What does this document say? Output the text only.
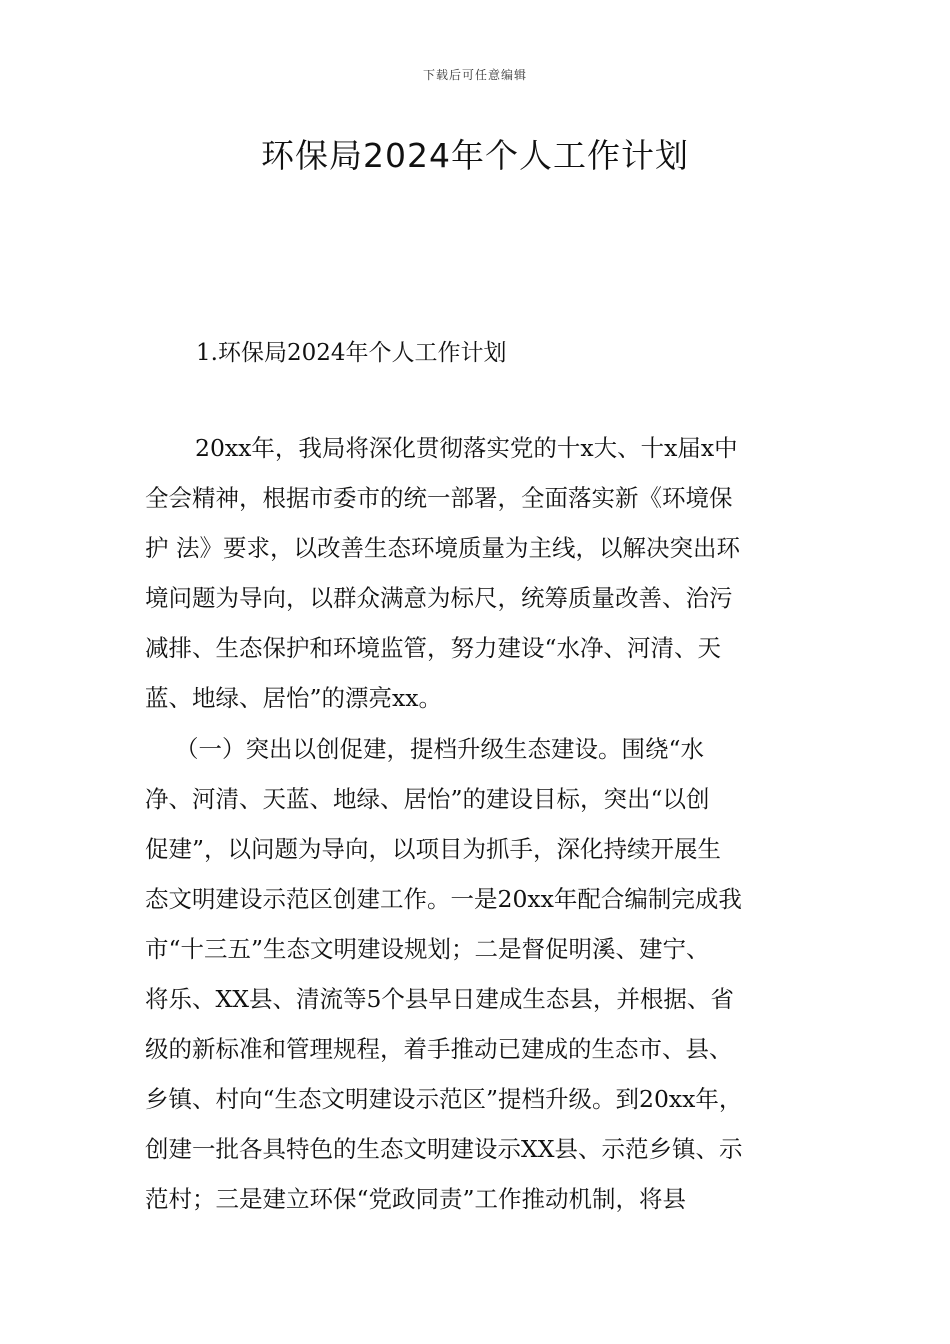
下载后可任意编辑
环保局2024年个人工作计划
1.环保局2024年个人工作计划
20xx年，我局将深化贯彻落实党的十x大、十x届x中
全会精神，根据市委市的统一部署，全面落实新《环境保
护 法》要求，以改善生态环境质量为主线，以解决突出环
境问题为导向，以群众满意为标尺，统筹质量改善、治污
减排、生态保护和环境监管，努力建设“水净、河清、天
蓝、地绿、居怡”的漂亮xx。
（一）突出以创促建，提档升级生态建设。围绕“水
净、河清、天蓝、地绿、居怡”的建设目标，突出“以创
促建”，以问题为导向，以项目为抓手，深化持续开展生
态文明建设示范区创建工作。一是20xx年配合编制完成我
市“十三五”生态文明建设规划；二是督促明溪、建宁、
将乐、XX县、清流等5个县早日建成生态县，并根据、省
级的新标准和管理规程，着手推动已建成的生态市、县、
乡镇、村向“生态文明建设示范区”提档升级。到20xx年，
创建一批各具特色的生态文明建设示XX县、示范乡镇、示
范村；三是建立环保“党政同责”工作推动机制，将县
